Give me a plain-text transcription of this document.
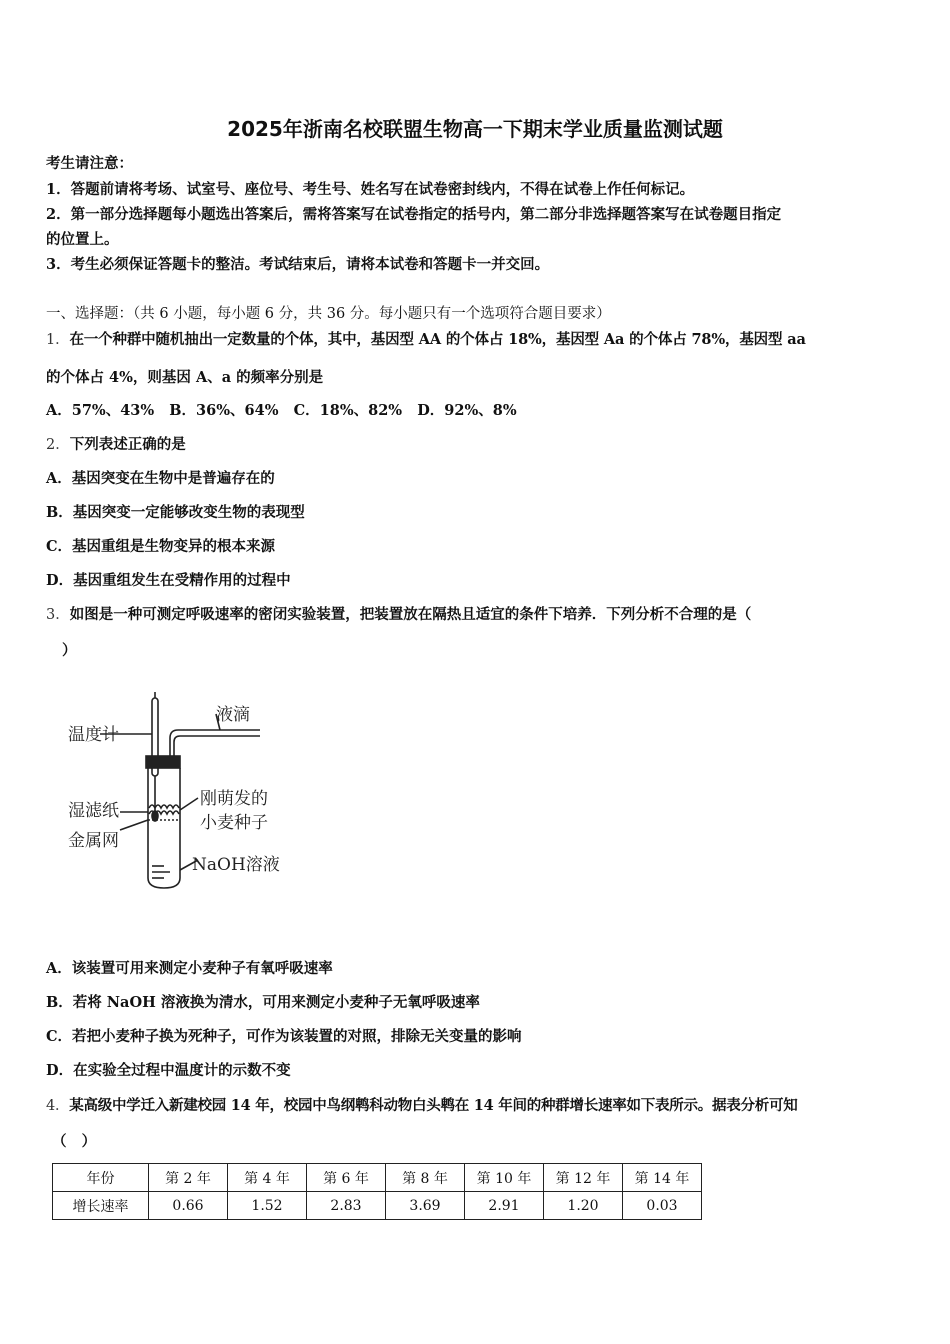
2025年浙南名校联盟生物高一下期末学业质量监测试题
考生请注意：
1．答题前请将考场、试室号、座位号、考生号、姓名写在试卷密封线内，不得在试卷上作任何标记。
2．第一部分选择题每小题选出答案后，需将答案写在试卷指定的括号内，第二部分非选择题答案写在试卷题目指定
的位置上。
3．考生必须保证答题卡的整洁。考试结束后，请将本试卷和答题卡一并交回。
一、选择题：（共 6 小题，每小题 6 分，共 36 分。每小题只有一个选项符合题目要求）
1．在一个种群中随机抽出一定数量的个体，其中，基因型 AA 的个体占 18%，基因型 Aa 的个体占 78%，基因型 aa
的个体占 4%，则基因 A、a 的频率分别是
A．57%、43%   B．36%、64%   C．18%、82%   D．92%、8%
2．下列表述正确的是
A．基因突变在生物中是普遍存在的
B．基因突变一定能够改变生物的表现型
C．基因重组是生物变异的根本来源
D．基因重组发生在受精作用的过程中
3．如图是一种可测定呼吸速率的密闭实验装置，把装置放在隔热且适宜的条件下培养．下列分析不合理的是（
）
温度计
液滴
湿滤纸
金属网
刚萌发的
小麦种子
NaOH溶液
A．该装置可用来测定小麦种子有氧呼吸速率
B．若将 NaOH 溶液换为清水，可用来测定小麦种子无氧呼吸速率
C．若把小麦种子换为死种子，可作为该装置的对照，排除无关变量的影响
D．在实验全过程中温度计的示数不变
4．某高级中学迁入新建校园 14 年，校园中鸟纲鹎科动物白头鹎在 14 年间的种群增长速率如下表所示。据表分析可知
（   ）
年份	第 2 年	第 4 年	第 6 年	第 8 年	第 10 年	第 12 年	第 14 年
增长速率	0.66	1.52	2.83	3.69	2.91	1.20	0.03
